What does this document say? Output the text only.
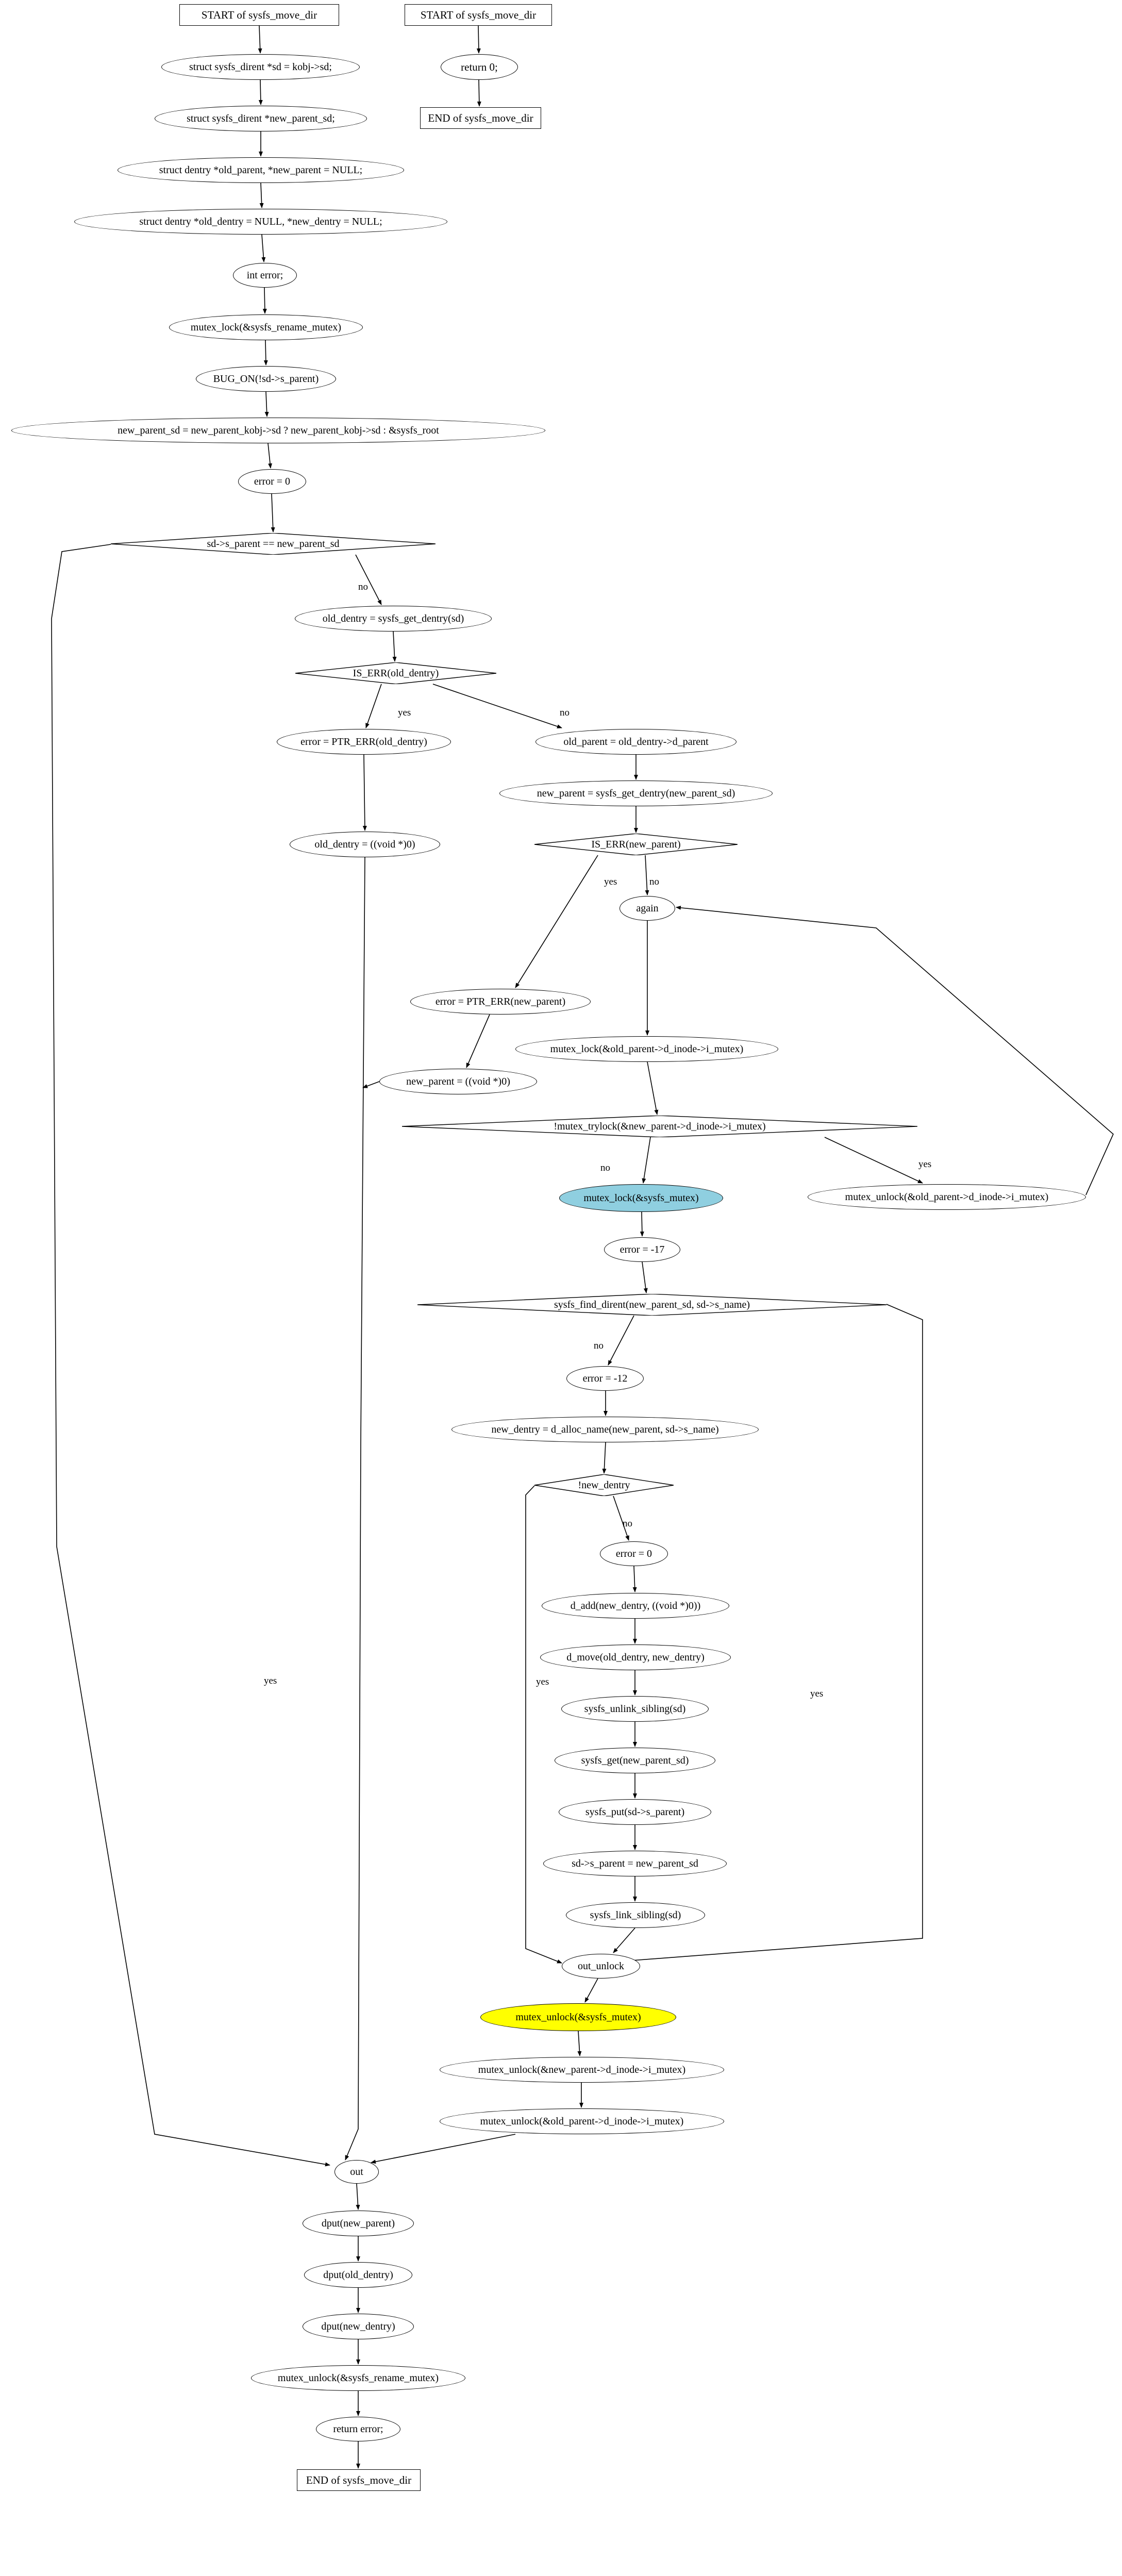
START of sysfs_move_dir	START of sysfs_move_dir
return 0;
END of sysfs_move_dir
struct sysfs_dirent *sd = kobj->sd;
struct sysfs_dirent *new_parent_sd;
struct dentry *old_parent, *new_parent = NULL;
struct dentry *old_dentry = NULL, *new_dentry = NULL;
int error;
mutex_lock(&sysfs_rename_mutex)
BUG_ON(!sd->s_parent)
new_parent_sd = new_parent_kobj->sd ? new_parent_kobj->sd : &sysfs_root
error = 0
sd->s_parent == new_parent_sd
old_dentry = sysfs_get_dentry(sd)
IS_ERR(old_dentry)
error = PTR_ERR(old_dentry)	old_parent = old_dentry->d_parent
old_dentry = ((void *)0)
new_parent = sysfs_get_dentry(new_parent_sd)
IS_ERR(new_parent)
again
error = PTR_ERR(new_parent)
mutex_lock(&old_parent->d_inode->i_mutex)
new_parent = ((void *)0)
!mutex_trylock(&new_parent->d_inode->i_mutex)
mutex_lock(&sysfs_mutex)	mutex_unlock(&old_parent->d_inode->i_mutex)
error = -17
sysfs_find_dirent(new_parent_sd, sd->s_name)
error = -12
new_dentry = d_alloc_name(new_parent, sd->s_name)
!new_dentry
error = 0
d_add(new_dentry, ((void *)0))
d_move(old_dentry, new_dentry)
sysfs_unlink_sibling(sd)
sysfs_get(new_parent_sd)
sysfs_put(sd->s_parent)
sd->s_parent = new_parent_sd
sysfs_link_sibling(sd)
out_unlock
mutex_unlock(&sysfs_mutex)
mutex_unlock(&new_parent->d_inode->i_mutex)
mutex_unlock(&old_parent->d_inode->i_mutex)
out
dput(new_parent)
dput(old_dentry)
dput(new_dentry)
mutex_unlock(&sysfs_rename_mutex)
return error;
END of sysfs_move_dir
no
yes	no
yes	no
no	yes
no
yes
no
yes
yes
